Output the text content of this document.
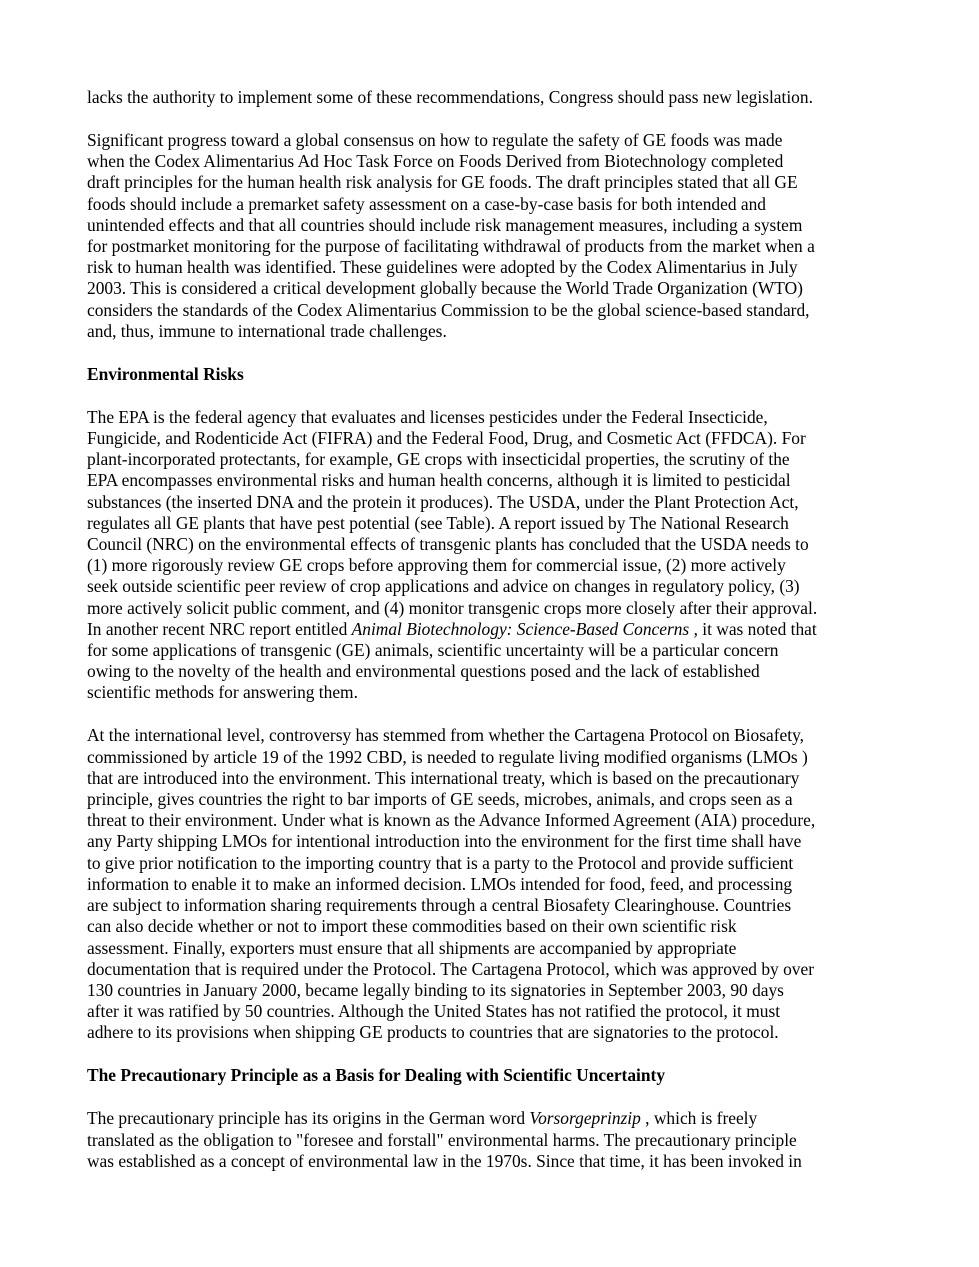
lacks the authority to implement some of these recommendations, Congress should pass new legislation.
Significant progress toward a global consensus on how to regulate the safety of GE foods was made
when the Codex Alimentarius Ad Hoc Task Force on Foods Derived from Biotechnology completed
draft principles for the human health risk analysis for GE foods. The draft principles stated that all GE
foods should include a premarket safety assessment on a case-by-case basis for both intended and
unintended effects and that all countries should include risk management measures, including a system
for postmarket monitoring for the purpose of facilitating withdrawal of products from the market when a
risk to human health was identified. These guidelines were adopted by the Codex Alimentarius in July
2003. This is considered a critical development globally because the World Trade Organization (WTO)
considers the standards of the Codex Alimentarius Commission to be the global science-based standard,
and, thus, immune to international trade challenges.
Environmental Risks
The EPA is the federal agency that evaluates and licenses pesticides under the Federal Insecticide,
Fungicide, and Rodenticide Act (FIFRA) and the Federal Food, Drug, and Cosmetic Act (FFDCA). For
plant-incorporated protectants, for example, GE crops with insecticidal properties, the scrutiny of the
EPA encompasses environmental risks and human health concerns, although it is limited to pesticidal
substances (the inserted DNA and the protein it produces). The USDA, under the Plant Protection Act,
regulates all GE plants that have pest potential (see Table). A report issued by The National Research
Council (NRC) on the environmental effects of transgenic plants has concluded that the USDA needs to
(1) more rigorously review GE crops before approving them for commercial issue, (2) more actively
seek outside scientific peer review of crop applications and advice on changes in regulatory policy, (3)
more actively solicit public comment, and (4) monitor transgenic crops more closely after their approval.
In another recent NRC report entitled Animal Biotechnology: Science-Based Concerns , it was noted that
for some applications of transgenic (GE) animals, scientific uncertainty will be a particular concern
owing to the novelty of the health and environmental questions posed and the lack of established
scientific methods for answering them.
At the international level, controversy has stemmed from whether the Cartagena Protocol on Biosafety,
commissioned by article 19 of the 1992 CBD, is needed to regulate living modified organisms (LMOs )
that are introduced into the environment. This international treaty, which is based on the precautionary
principle, gives countries the right to bar imports of GE seeds, microbes, animals, and crops seen as a
threat to their environment. Under what is known as the Advance Informed Agreement (AIA) procedure,
any Party shipping LMOs for intentional introduction into the environment for the first time shall have
to give prior notification to the importing country that is a party to the Protocol and provide sufficient
information to enable it to make an informed decision. LMOs intended for food, feed, and processing
are subject to information sharing requirements through a central Biosafety Clearinghouse. Countries
can also decide whether or not to import these commodities based on their own scientific risk
assessment. Finally, exporters must ensure that all shipments are accompanied by appropriate
documentation that is required under the Protocol. The Cartagena Protocol, which was approved by over
130 countries in January 2000, became legally binding to its signatories in September 2003, 90 days
after it was ratified by 50 countries. Although the United States has not ratified the protocol, it must
adhere to its provisions when shipping GE products to countries that are signatories to the protocol.
The Precautionary Principle as a Basis for Dealing with Scientific Uncertainty
The precautionary principle has its origins in the German word Vorsorgeprinzip , which is freely
translated as the obligation to "foresee and forstall" environmental harms. The precautionary principle
was established as a concept of environmental law in the 1970s. Since that time, it has been invoked in
